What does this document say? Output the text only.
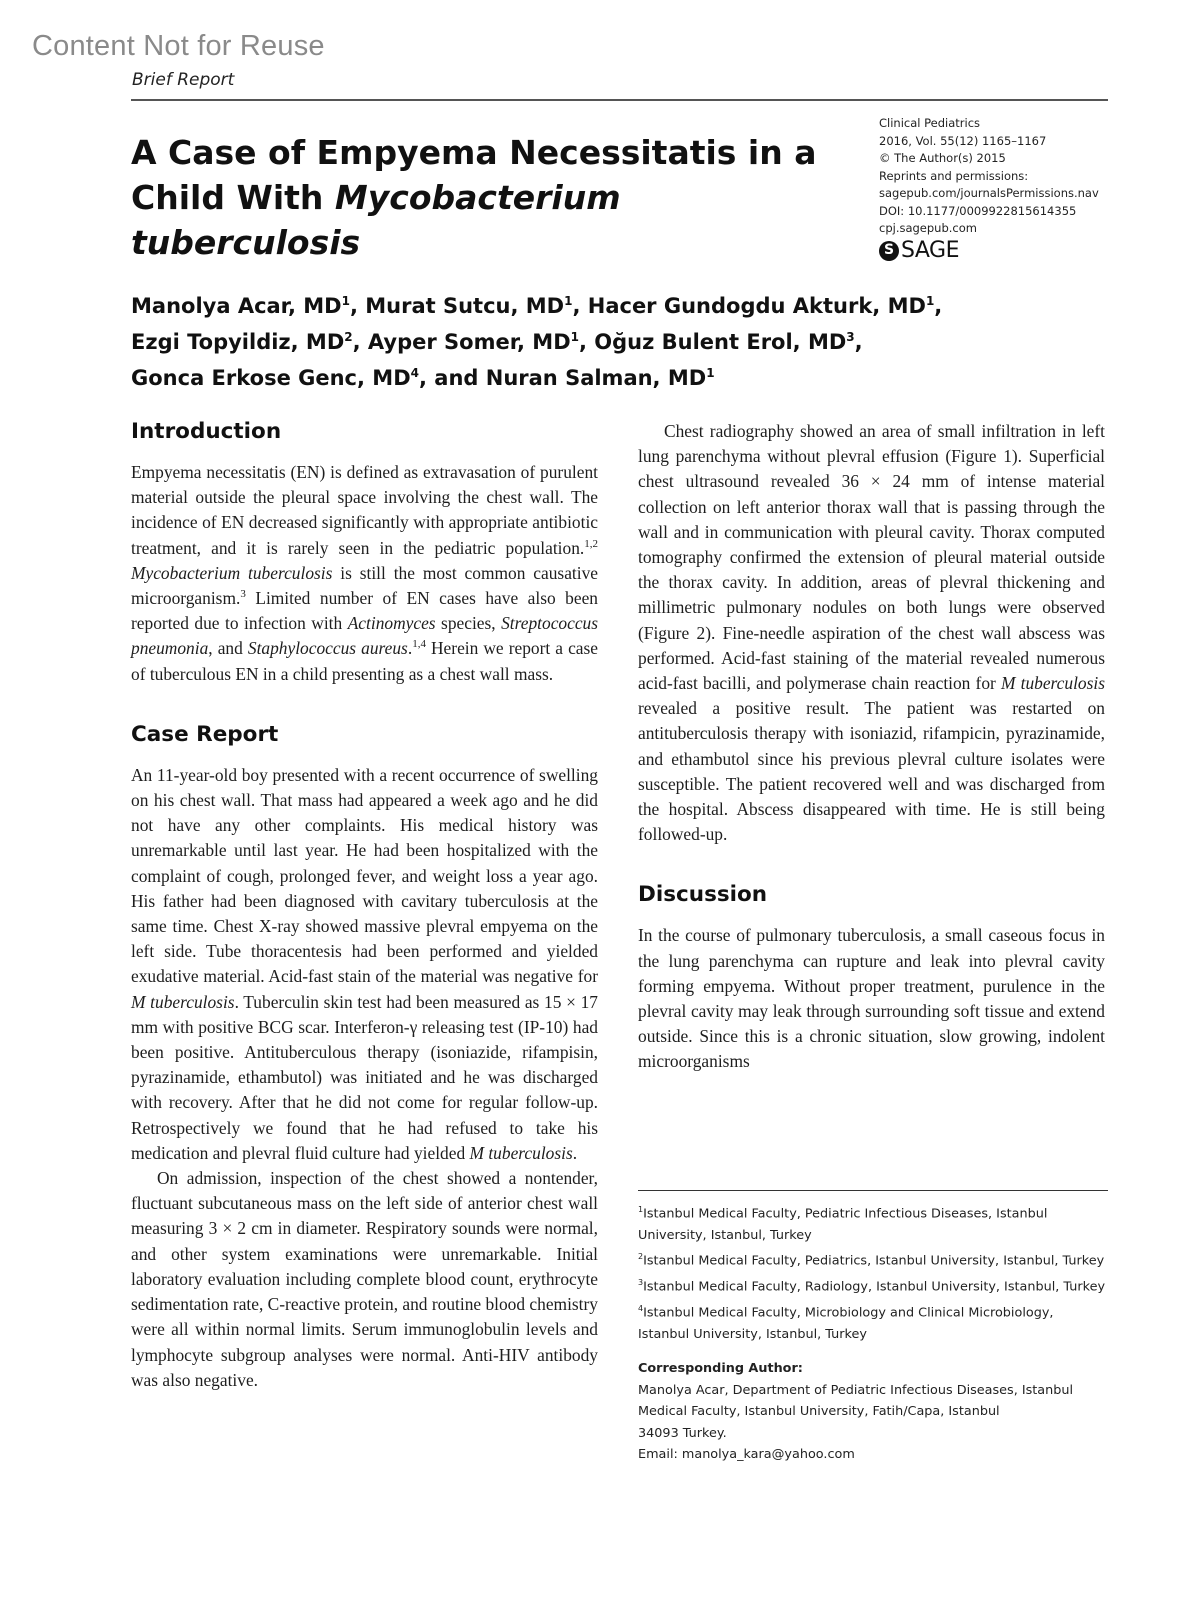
Content Not for Reuse
Brief Report
A Case of Empyema Necessitatis in a
Child With Mycobacterium tuberculosis
Clinical Pediatrics
2016, Vol. 55(12) 1165–1167
© The Author(s) 2015
Reprints and permissions:
sagepub.com/journalsPermissions.nav
DOI: 10.1177/0009922815614355
cpj.sagepub.com
S SAGE
Manolya Acar, $MD^1$, Murat Sutcu, $MD^1$, Hacer Gundogdu Akturk, $MD^1$,
Ezgi Topyildiz, $MD^2$, Ayper Somer, $MD^1$, Oğuz Bulent Erol, $MD^3$,
Gonca Erkose Genc, $MD^4$, and Nuran Salman, $MD^1$
Introduction

Empyema necessitatis (EN) is defined as extravasation of purulent material outside the pleural space involving the chest wall. The incidence of EN decreased significantly with appropriate antibiotic treatment, and it is rarely seen in the pediatric population.$^{1,2}$ Mycobacterium tuberculosis is still the most common causative microorganism.$^3$ Limited number of EN cases have also been reported due to infection with Actinomyces species, Streptococcus pneumonia, and Staphylococcus aureus.$^{1,4}$ Herein we report a case of tuberculous EN in a child presenting as a chest wall mass.

Case Report

An 11-year-old boy presented with a recent occurrence of swelling on his chest wall. That mass had appeared a week ago and he did not have any other complaints. His medical history was unremarkable until last year. He had been hospitalized with the complaint of cough, prolonged fever, and weight loss a year ago. His father had been diagnosed with cavitary tuberculosis at the same time. Chest X-ray showed massive plevral empyema on the left side. Tube thoracentesis had been performed and yielded exudative material. Acid-fast stain of the material was negative for M tuberculosis. Tuberculin skin test had been measured as 15 × 17 mm with positive BCG scar. Interferon-γ releasing test (IP-10) had been positive. Antituberculous therapy (isoniazide, rifampisin, pyrazinamide, ethambutol) was initiated and he was discharged with recovery. After that he did not come for regular follow-up. Retrospectively we found that he had refused to take his medication and plevral fluid culture had yielded M tuberculosis.

On admission, inspection of the chest showed a nontender, fluctuant subcutaneous mass on the left side of anterior chest wall measuring 3 × 2 cm in diameter. Respiratory sounds were normal, and other system examinations were unremarkable. Initial laboratory evaluation including complete blood count, erythrocyte sedimentation rate, C-reactive protein, and routine blood chemistry were all within normal limits. Serum immunoglobulin levels and lymphocyte subgroup analyses were normal. Anti-HIV antibody was also negative.

Chest radiography showed an area of small infiltration in left lung parenchyma without plevral effusion (Figure 1). Superficial chest ultrasound revealed 36 × 24 mm of intense material collection on left anterior thorax wall that is passing through the wall and in communication with pleural cavity. Thorax computed tomography confirmed the extension of pleural material outside the thorax cavity. In addition, areas of plevral thickening and millimetric pulmonary nodules on both lungs were observed (Figure 2). Fine-needle aspiration of the chest wall abscess was performed. Acid-fast staining of the material revealed numerous acid-fast bacilli, and polymerase chain reaction for M tuberculosis revealed a positive result. The patient was restarted on antituberculosis therapy with isoniazid, rifampicin, pyrazinamide, and ethambutol since his previous plevral culture isolates were susceptible. The patient recovered well and was discharged from the hospital. Abscess disappeared with time. He is still being followed-up.

Discussion

In the course of pulmonary tuberculosis, a small caseous focus in the lung parenchyma can rupture and leak into plevral cavity forming empyema. Without proper treatment, purulence in the plevral cavity may leak through surrounding soft tissue and extend outside. Since this is a chronic situation, slow growing, indolent microorganisms

$^1$Istanbul Medical Faculty, Pediatric Infectious Diseases, Istanbul University, Istanbul, Turkey

$^2$Istanbul Medical Faculty, Pediatrics, Istanbul University, Istanbul, Turkey

$^3$Istanbul Medical Faculty, Radiology, Istanbul University, Istanbul, Turkey

$^4$Istanbul Medical Faculty, Microbiology and Clinical Microbiology, Istanbul University, Istanbul, Turkey

Corresponding Author:

Manolya Acar, Department of Pediatric Infectious Diseases, Istanbul Medical Faculty, Istanbul University, Fatih/Capa, Istanbul

34093 Turkey.

Email: manolya_kara@yahoo.com
